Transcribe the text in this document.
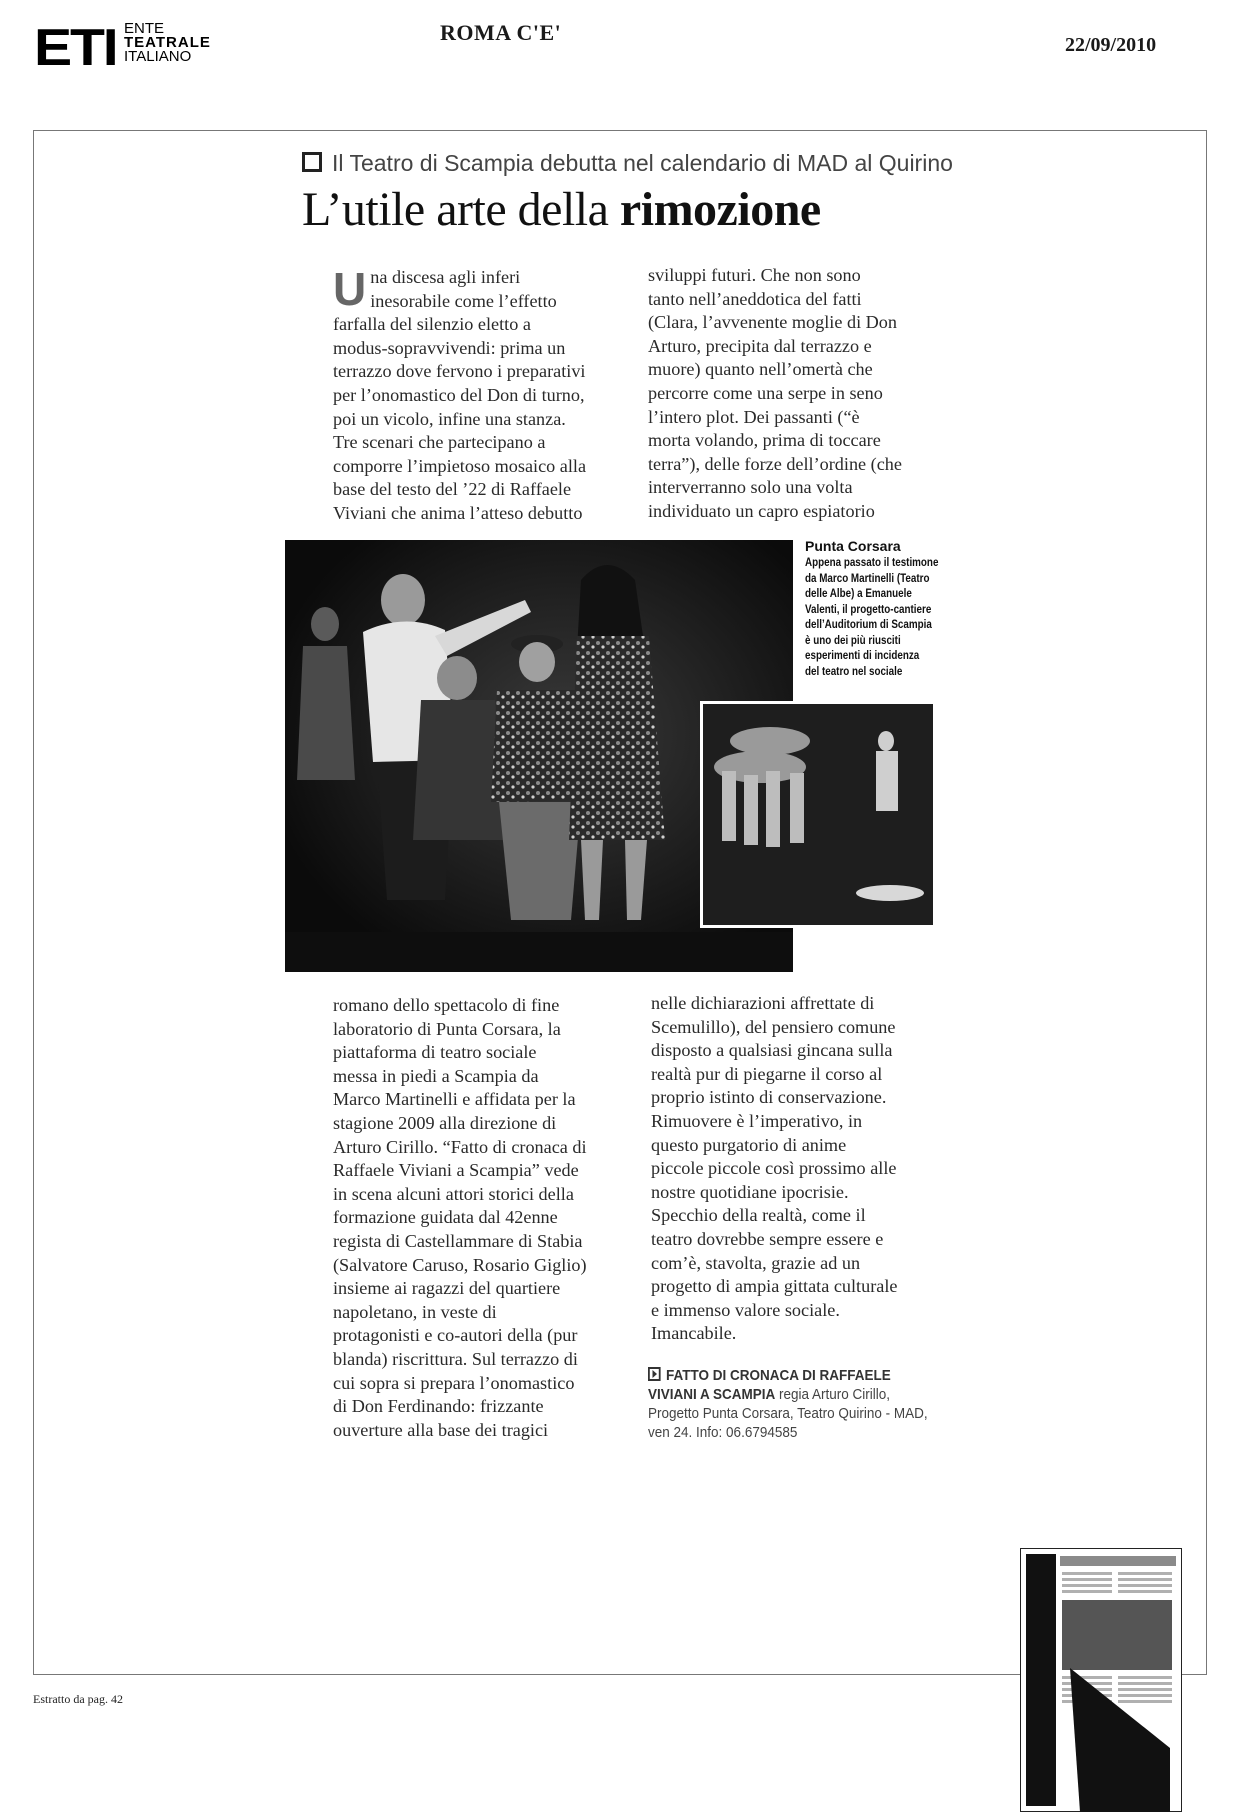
ETI ENTE
TEATRALE
ITALIANO
ROMA C'E'	22/09/2010
Il Teatro di Scampia debutta nel calendario di MAD al Quirino
L’utile arte della rimozione
U na discesa agli inferi
inesorabile come l’effetto
farfalla del silenzio eletto a
modus-sopravvivendi: prima un
terrazzo dove fervono i preparativi
per l’onomastico del Don di turno,
poi un vicolo, infine una stanza.
Tre scenari che partecipano a
comporre l’impietoso mosaico alla
base del testo del ’22 di Raffaele
Viviani che anima l’atteso debutto
sviluppi futuri. Che non sono
tanto nell’aneddotica del fatti
(Clara, l’avvenente moglie di Don
Arturo, precipita dal terrazzo e
muore) quanto nell’omertà che
percorre come una serpe in seno
l’intero plot. Dei passanti (“è
morta volando, prima di toccare
terra”), delle forze dell’ordine (che
interverranno solo una volta
individuato un capro espiatorio
Punta Corsara
Appena passato il testimone
da Marco Martinelli (Teatro
delle Albe) a Emanuele
Valenti, il progetto-cantiere
dell’Auditorium di Scampia
è uno dei più riusciti
esperimenti di incidenza
del teatro nel sociale
romano dello spettacolo di fine
laboratorio di Punta Corsara, la
piattaforma di teatro sociale
messa in piedi a Scampia da
Marco Martinelli e affidata per la
stagione 2009 alla direzione di
Arturo Cirillo. “Fatto di cronaca di
Raffaele Viviani a Scampia” vede
in scena alcuni attori storici della
formazione guidata dal 42enne
regista di Castellammare di Stabia
(Salvatore Caruso, Rosario Giglio)
insieme ai ragazzi del quartiere
napoletano, in veste di
protagonisti e co-autori della (pur
blanda) riscrittura. Sul terrazzo di
cui sopra si prepara l’onomastico
di Don Ferdinando: frizzante
ouverture alla base dei tragici
nelle dichiarazioni affrettate di
Scemulillo), del pensiero comune
disposto a qualsiasi gincana sulla
realtà pur di piegarne il corso al
proprio istinto di conservazione.
Rimuovere è l’imperativo, in
questo purgatorio di anime
piccole piccole così prossimo alle
nostre quotidiane ipocrisie.
Specchio della realtà, come il
teatro dovrebbe sempre essere e
com’è, stavolta, grazie ad un
progetto di ampia gittata culturale
e immenso valore sociale.
Imancabile.
FATTO DI CRONACA DI RAFFAELE
VIVIANI A SCAMPIA regia Arturo Cirillo,
Progetto Punta Corsara, Teatro Quirino - MAD,
ven 24. Info: 06.6794585
Estratto da pag. 42
